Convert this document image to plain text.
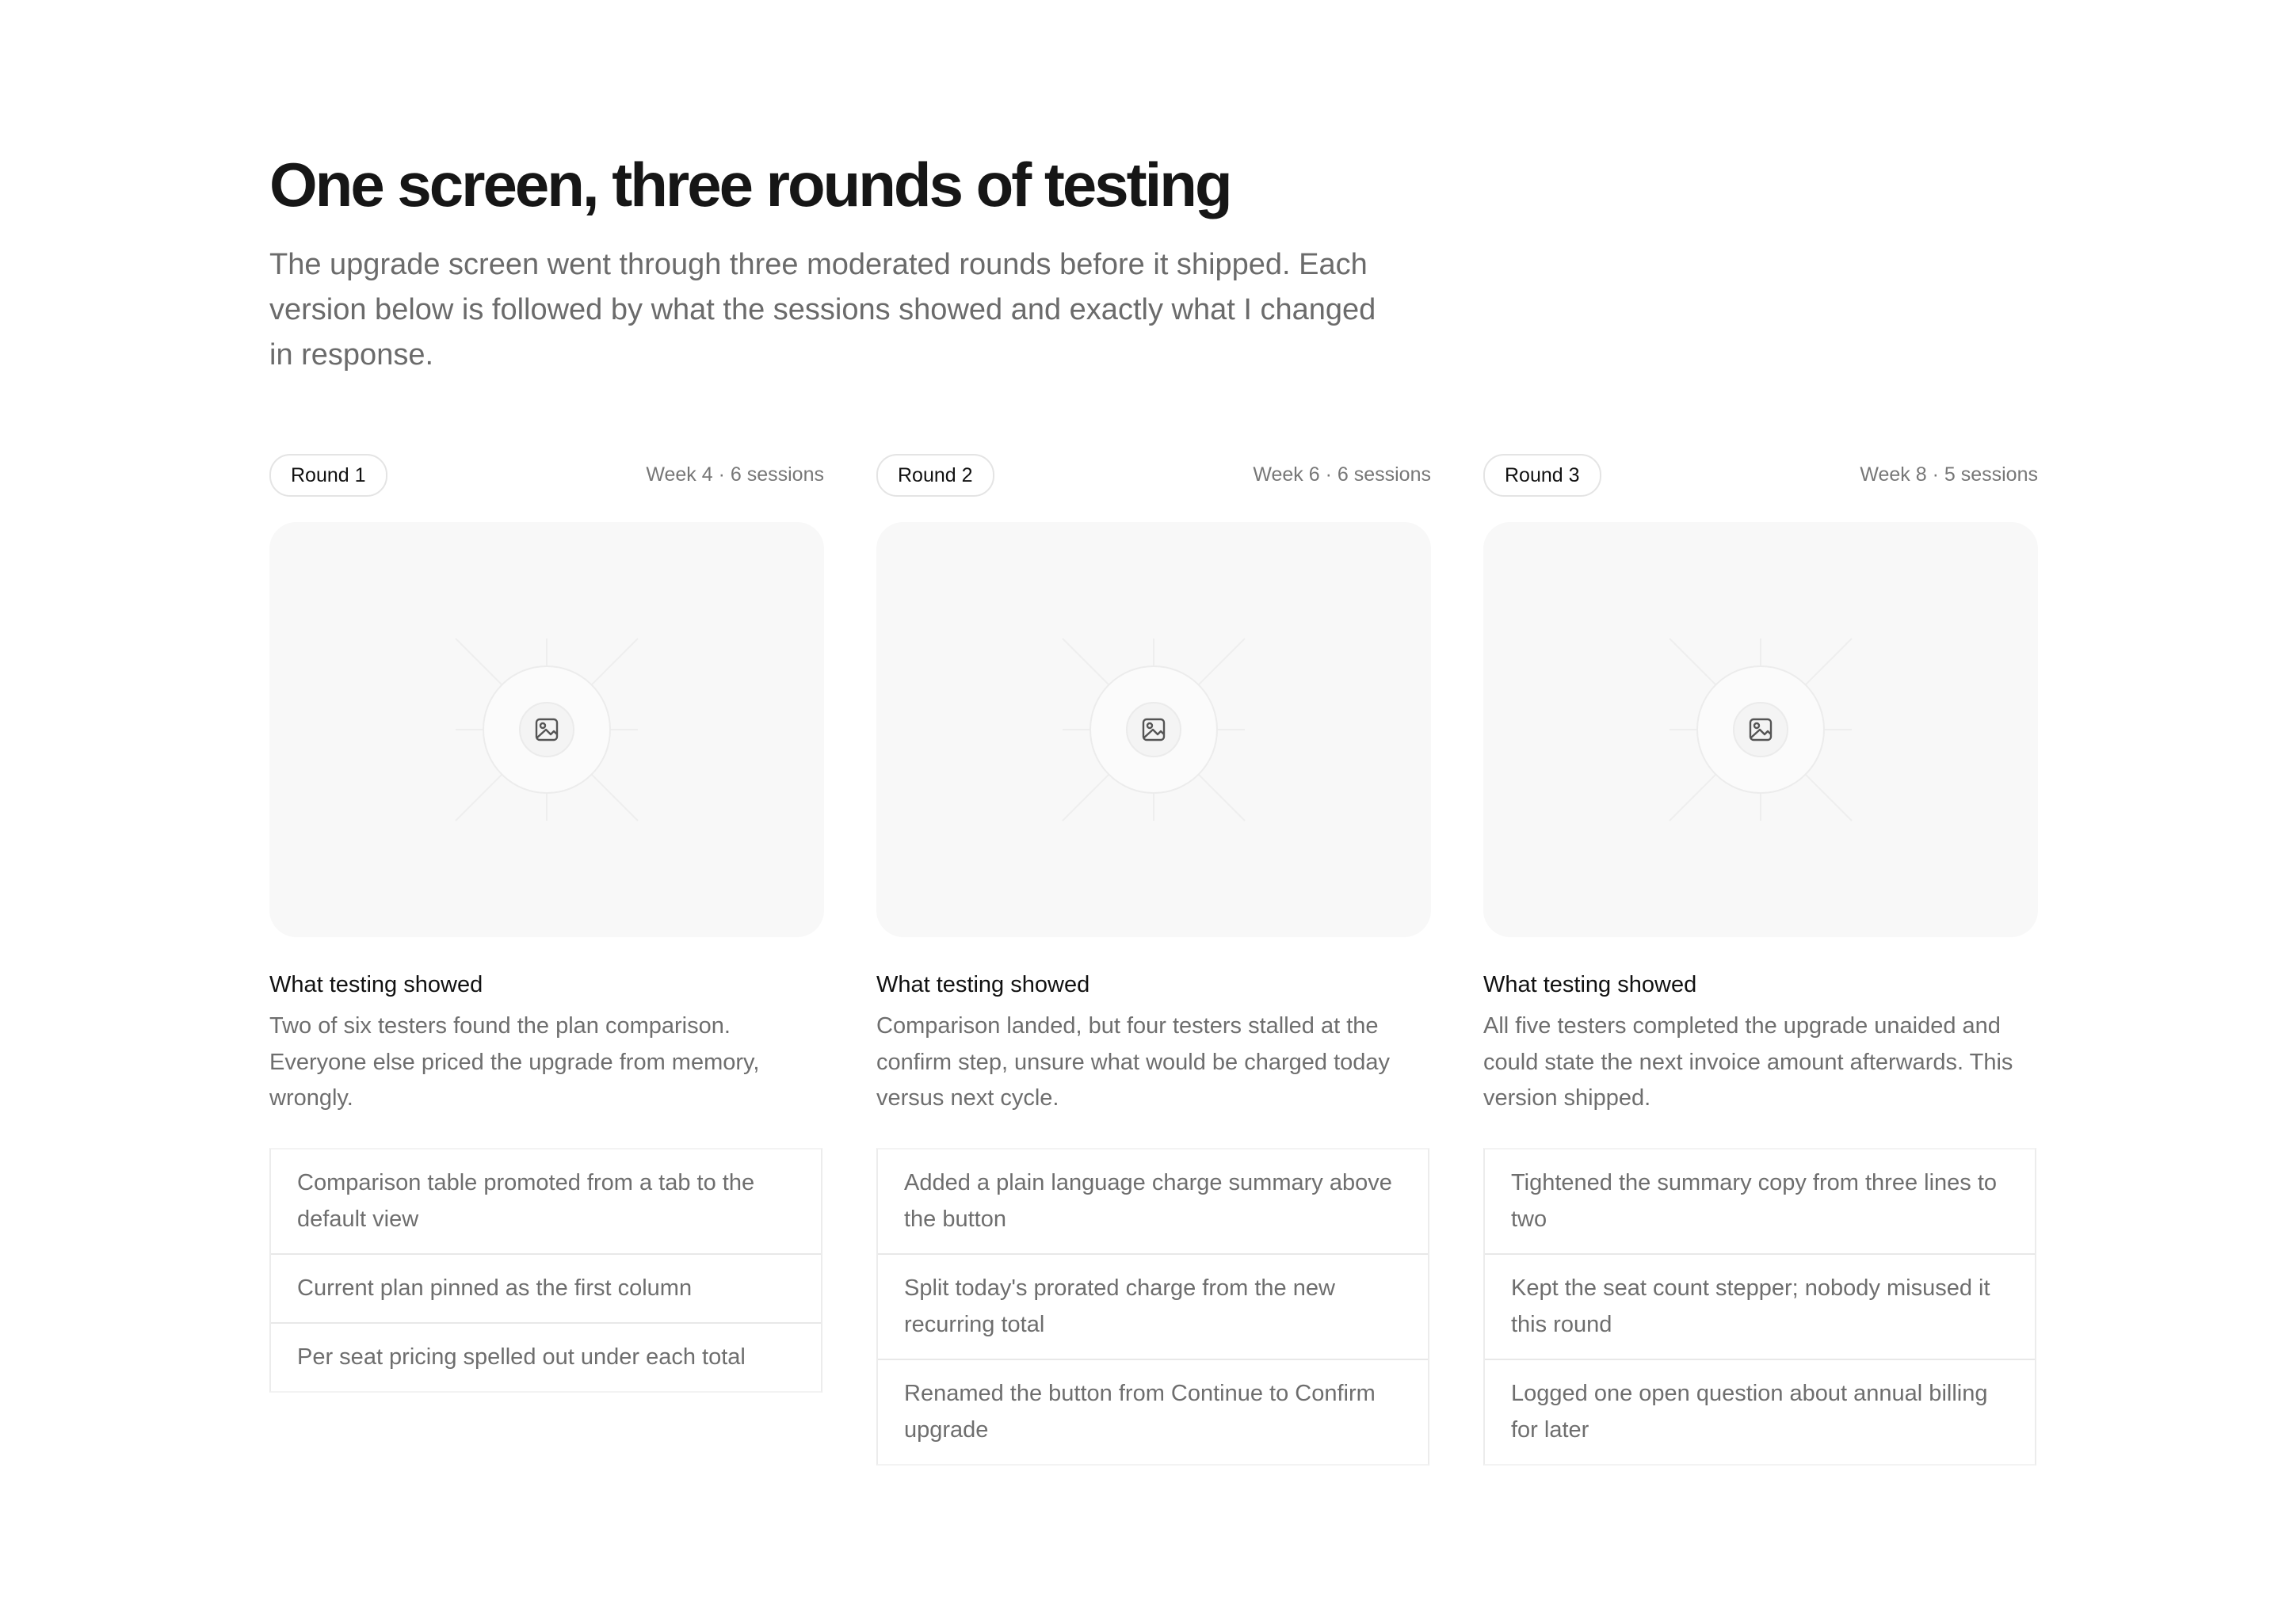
One screen, three rounds of testing

The upgrade screen went through three moderated rounds before it shipped. Each version below is followed by what the sessions showed and exactly what I changed in response.

Round 1	Week 4 · 6 sessions
What testing showed
Two of six testers found the plan comparison. Everyone else priced the upgrade from memory, wrongly.
Comparison table promoted from a tab to the default view
Current plan pinned as the first column
Per seat pricing spelled out under each total
Round 2	Week 6 · 6 sessions
What testing showed
Comparison landed, but four testers stalled at the confirm step, unsure what would be charged today versus next cycle.
Added a plain language charge summary above the button
Split today's prorated charge from the new recurring total
Renamed the button from Continue to Confirm upgrade
Round 3	Week 8 · 5 sessions
What testing showed
All five testers completed the upgrade unaided and could state the next invoice amount afterwards. This version shipped.
Tightened the summary copy from three lines to two
Kept the seat count stepper; nobody misused it this round
Logged one open question about annual billing for later
